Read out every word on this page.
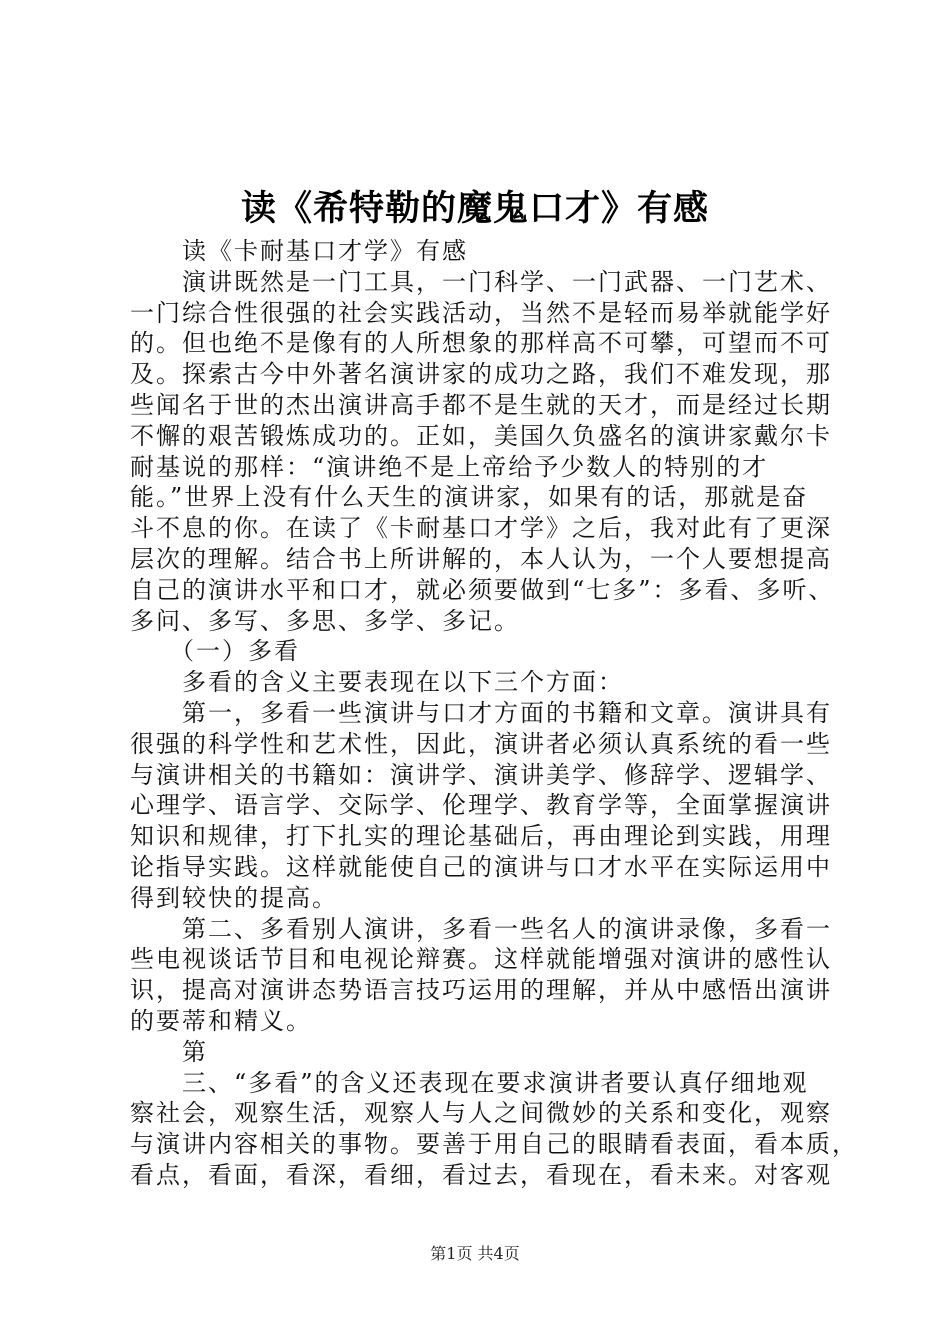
读《希特勒的魔鬼口才》有感
　　读《卡耐基口才学》有感
　　演讲既然是一门工具，一门科学、一门武器、一门艺术、
一门综合性很强的社会实践活动，当然不是轻而易举就能学好
的。但也绝不是像有的人所想象的那样高不可攀，可望而不可
及。探索古今中外著名演讲家的成功之路，我们不难发现，那
些闻名于世的杰出演讲高手都不是生就的天才，而是经过长期
不懈的艰苦锻炼成功的。正如，美国久负盛名的演讲家戴尔卡
耐基说的那样：“演讲绝不是上帝给予少数人的特别的才
能。”世界上没有什么天生的演讲家，如果有的话，那就是奋
斗不息的你。在读了《卡耐基口才学》之后，我对此有了更深
层次的理解。结合书上所讲解的，本人认为，一个人要想提高
自己的演讲水平和口才，就必须要做到“七多”：多看、多听、
多问、多写、多思、多学、多记。
　　（一）多看
　　多看的含义主要表现在以下三个方面：
　　第一，多看一些演讲与口才方面的书籍和文章。演讲具有
很强的科学性和艺术性，因此，演讲者必须认真系统的看一些
与演讲相关的书籍如：演讲学、演讲美学、修辞学、逻辑学、
心理学、语言学、交际学、伦理学、教育学等，全面掌握演讲
知识和规律，打下扎实的理论基础后，再由理论到实践，用理
论指导实践。这样就能使自己的演讲与口才水平在实际运用中
得到较快的提高。
　　第二、多看别人演讲，多看一些名人的演讲录像，多看一
些电视谈话节目和电视论辩赛。这样就能增强对演讲的感性认
识，提高对演讲态势语言技巧运用的理解，并从中感悟出演讲
的要蒂和精义。
　　第
　　三、“多看”的含义还表现在要求演讲者要认真仔细地观
察社会，观察生活，观察人与人之间微妙的关系和变化，观察
与演讲内容相关的事物。要善于用自己的眼睛看表面，看本质，
看点，看面，看深，看细，看过去，看现在，看未来。对客观
第1页 共4页
